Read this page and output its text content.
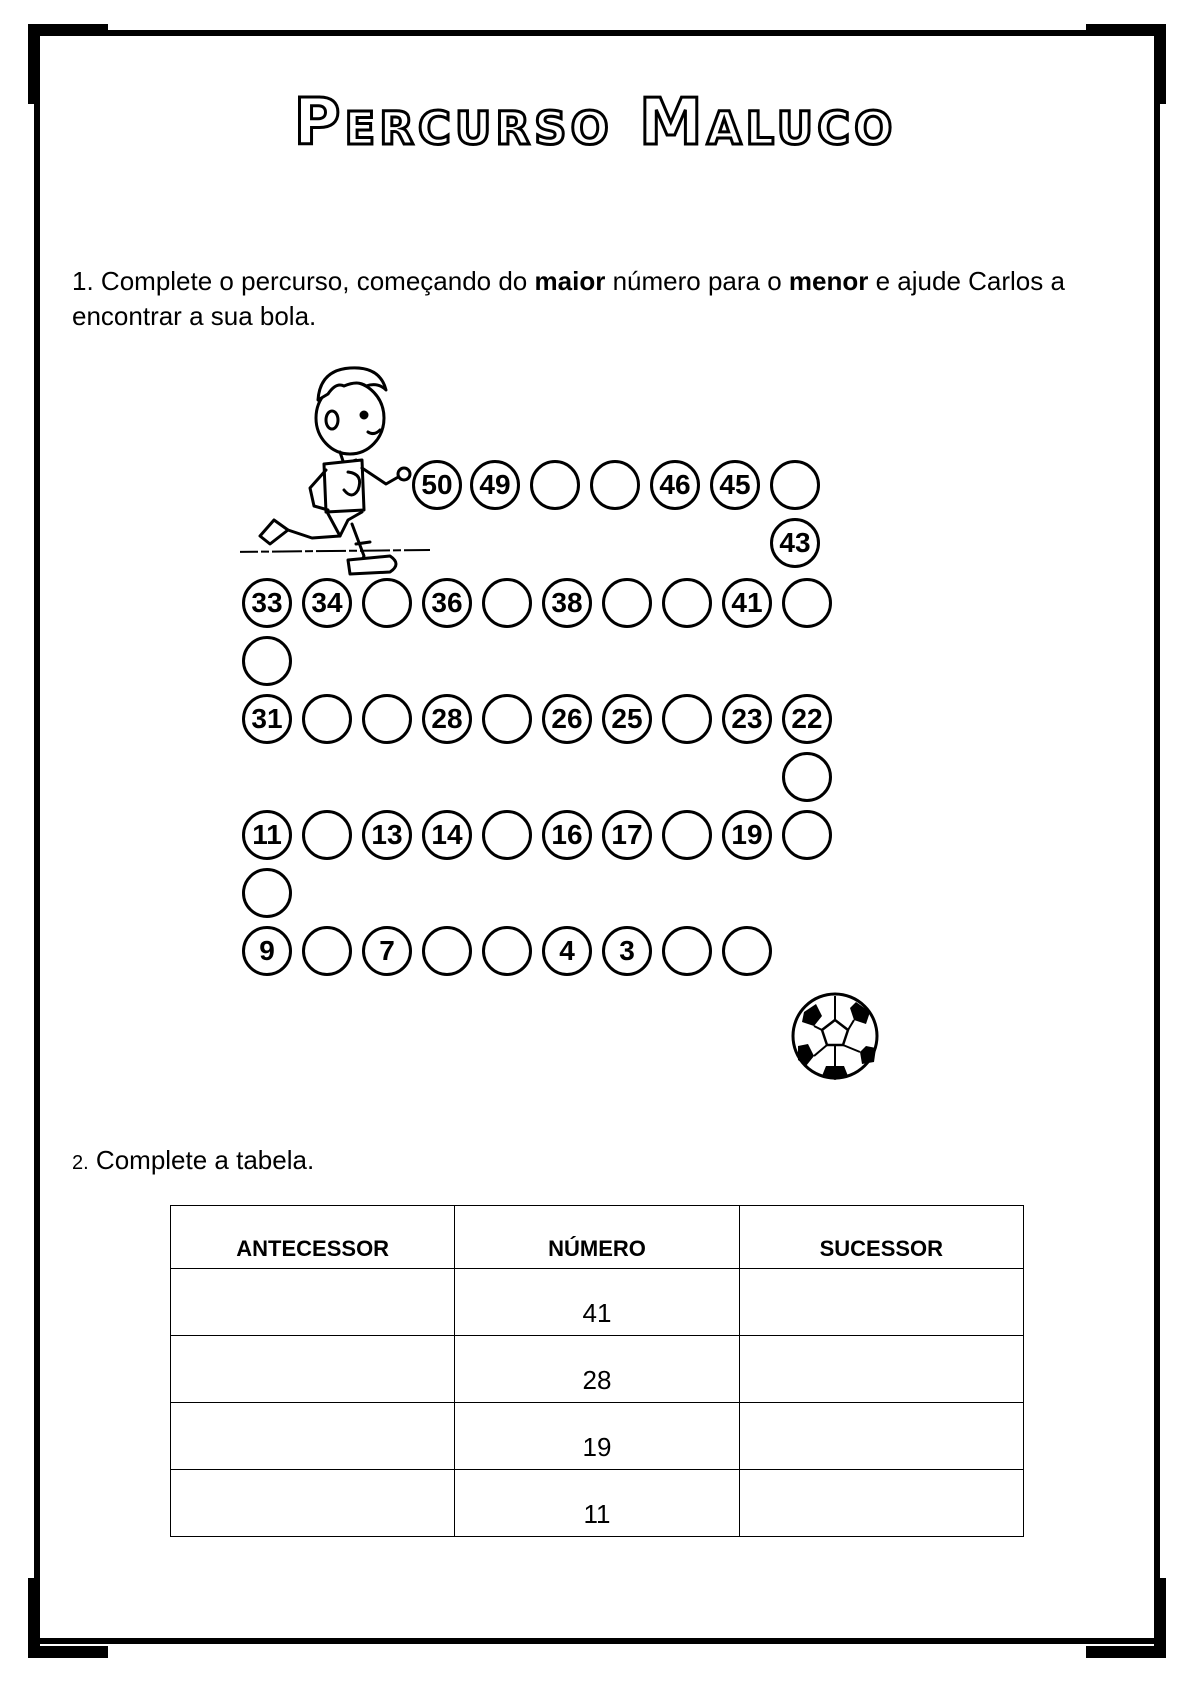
Percurso Maluco
1. Complete o percurso, começando do maior número para o menor e ajude Carlos a encontrar a sua bola.
50 49	46	45
43
33	34	36	38	41
31	28	26	25	23	22
11	13	14	16	17	19
9	7	4	3
2. Complete a tabela.
ANTECESSOR	NÚMERO	SUCESSOR
	41	
	28	
	19	
	11	
